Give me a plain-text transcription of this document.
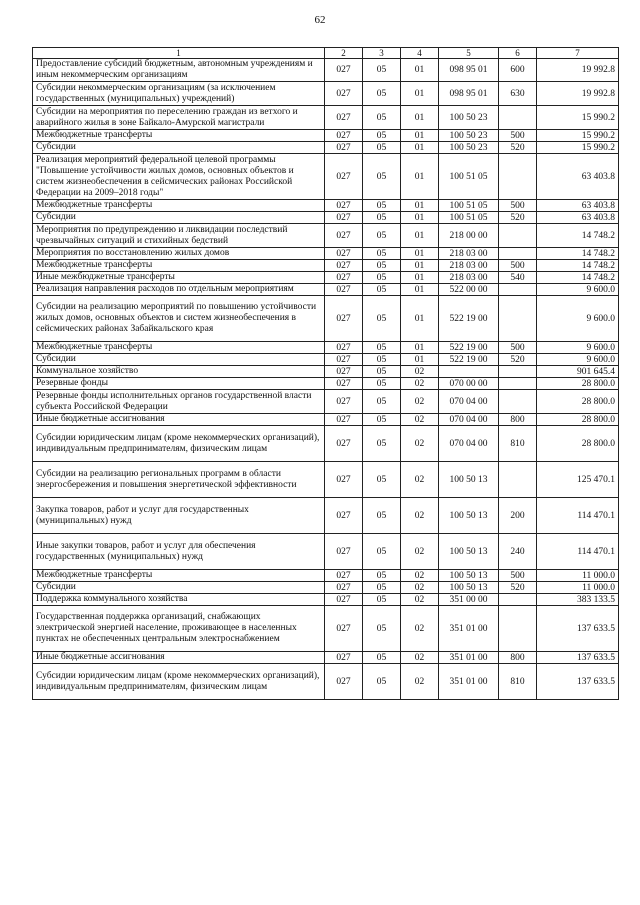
62
1	2	3	4	5	6	7
Предоставление субсидий бюджетным, автономным учреждениям и иным некоммерческим организациям	027	05	01	098 95 01	600	19 992.8
Субсидии некоммерческим организациям (за исключением государственных (муниципальных) учреждений)	027	05	01	098 95 01	630	19 992.8
Субсидии на мероприятия по переселению граждан из ветхого и аварийного жилья в зоне Байкало-Амурской магистрали	027	05	01	100 50 23		15 990.2
Межбюджетные трансферты	027	05	01	100 50 23	500	15 990.2
Субсидии	027	05	01	100 50 23	520	15 990.2
Реализация мероприятий федеральной целевой программы "Повышение устойчивости жилых домов, основных объектов и систем жизнеобеспечения в сейсмических районах Российской Федерации на 2009–2018 годы"	027	05	01	100 51 05		63 403.8
Межбюджетные трансферты	027	05	01	100 51 05	500	63 403.8
Субсидии	027	05	01	100 51 05	520	63 403.8
Мероприятия по предупреждению и ликвидации последствий чрезвычайных ситуаций и стихийных бедствий	027	05	01	218 00 00		14 748.2
Мероприятия по восстановлению жилых домов	027	05	01	218 03 00		14 748.2
Межбюджетные трансферты	027	05	01	218 03 00	500	14 748.2
Иные межбюджетные трансферты	027	05	01	218 03 00	540	14 748.2
Реализация направления расходов по отдельным мероприятиям	027	05	01	522 00 00		9 600.0
Субсидии на реализацию мероприятий по повышению устойчивости жилых домов, основных объектов и систем жизнеобеспечения в сейсмических районах Забайкальского края	027	05	01	522 19 00		9 600.0
Межбюджетные трансферты	027	05	01	522 19 00	500	9 600.0
Субсидии	027	05	01	522 19 00	520	9 600.0
Коммунальное хозяйство	027	05	02			901 645.4
Резервные фонды	027	05	02	070 00 00		28 800.0
Резервные фонды исполнительных органов государственной власти субъекта Российской Федерации	027	05	02	070 04 00		28 800.0
Иные бюджетные ассигнования	027	05	02	070 04 00	800	28 800.0
Субсидии юридическим лицам (кроме некоммерческих организаций), индивидуальным предпринимателям, физическим лицам	027	05	02	070 04 00	810	28 800.0
Субсидии на реализацию региональных программ в области энергосбережения и повышения энергетической эффективности	027	05	02	100 50 13		125 470.1
Закупка товаров, работ и услуг для государственных (муниципальных) нужд	027	05	02	100 50 13	200	114 470.1
Иные закупки товаров, работ и услуг для обеспечения государственных (муниципальных) нужд	027	05	02	100 50 13	240	114 470.1
Межбюджетные трансферты	027	05	02	100 50 13	500	11 000.0
Субсидии	027	05	02	100 50 13	520	11 000.0
Поддержка коммунального хозяйства	027	05	02	351 00 00		383 133.5
Государственная поддержка организаций, снабжающих электрической энергией население, проживающее в населенных пунктах не обеспеченных центральным электроснабжением	027	05	02	351 01 00		137 633.5
Иные бюджетные ассигнования	027	05	02	351 01 00	800	137 633.5
Субсидии юридическим лицам (кроме некоммерческих организаций), индивидуальным предпринимателям, физическим лицам	027	05	02	351 01 00	810	137 633.5
